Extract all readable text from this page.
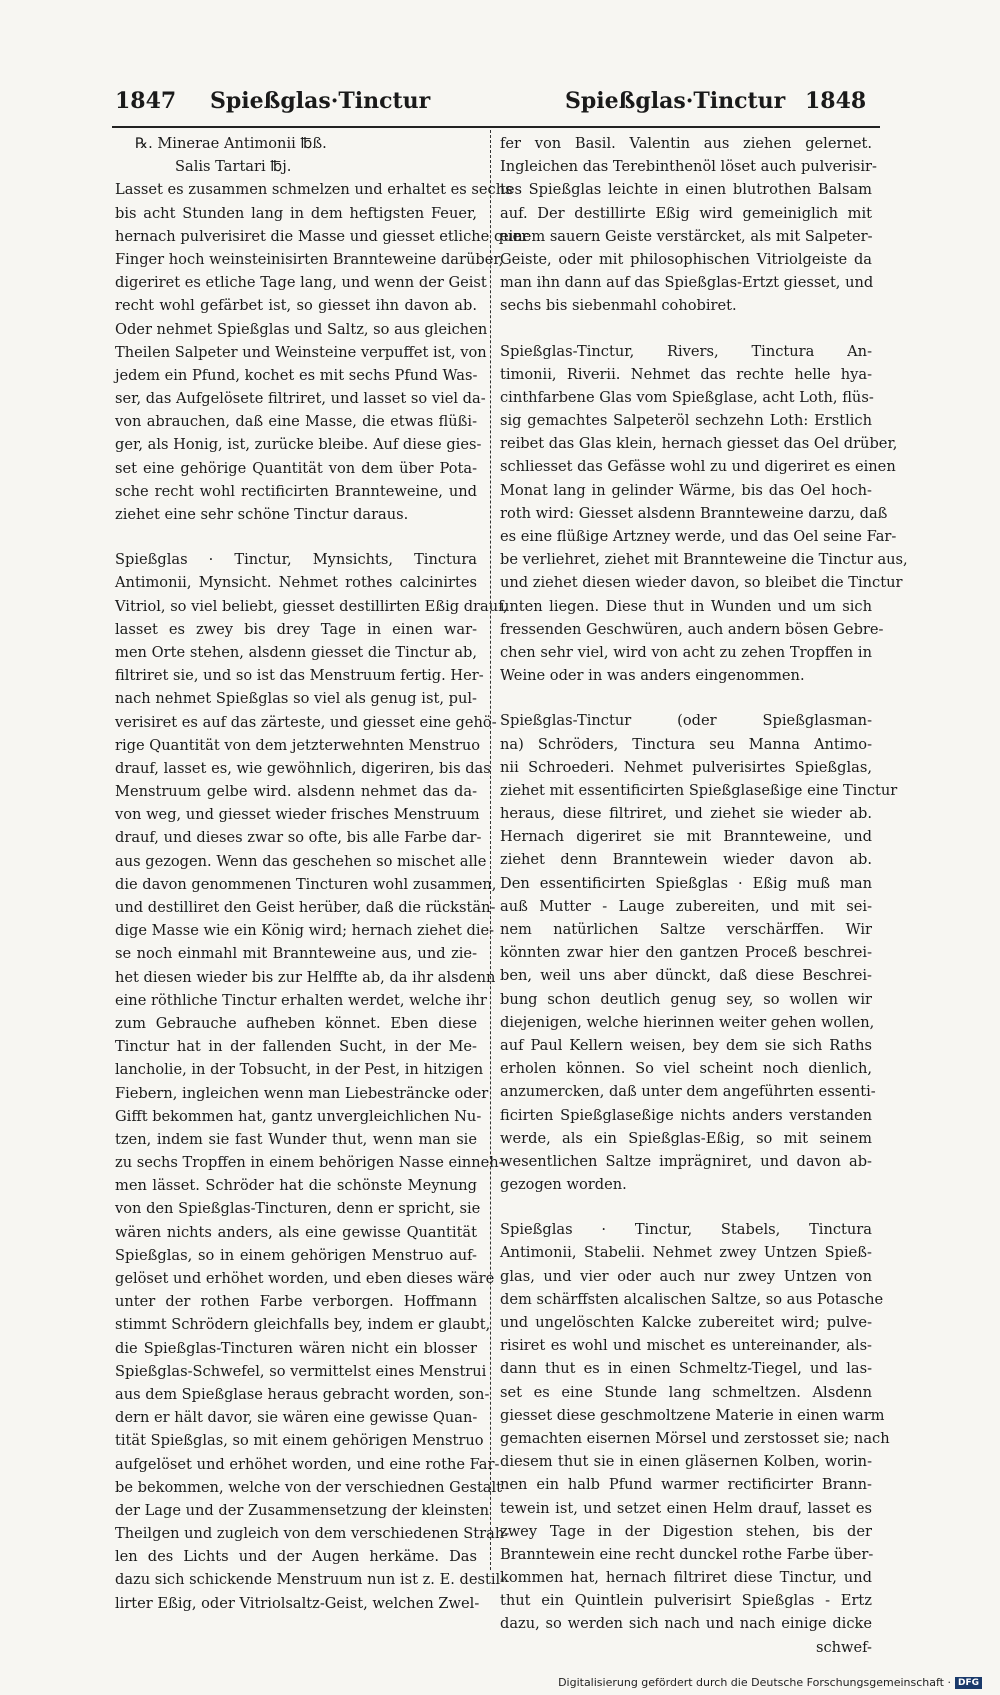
1847 Spießglas·Tinctur	Spießglas·Tinctur 1848
℞. Minerae Antimonii ℔ß.
Salis Tartari ℔j.
Lasset es zusammen schmelzen und erhaltet es sechs
bis acht Stunden lang in dem heftigsten Feuer,
hernach pulverisiret die Masse und giesset etliche quer
Finger hoch weinsteinisirten Brannteweine darüber,
digeriret es etliche Tage lang, und wenn der Geist
recht wohl gefärbet ist, so giesset ihn davon ab.
Oder nehmet Spießglas und Saltz, so aus gleichen
Theilen Salpeter und Weinsteine verpuffet ist, von
jedem ein Pfund, kochet es mit sechs Pfund Was-
ser, das Aufgelösete filtriret, und lasset so viel da-
von abrauchen, daß eine Masse, die etwas flüßi-
ger, als Honig, ist, zurücke bleibe. Auf diese gies-
set eine gehörige Quantität von dem über Pota-
sche recht wohl rectificirten Brannteweine, und
ziehet eine sehr schöne Tinctur daraus.
Spießglas · Tinctur, Mynsichts, Tinctura
Antimonii, Mynsicht. Nehmet rothes calcinirtes
Vitriol, so viel beliebt, giesset destillirten Eßig drauf,
lasset es zwey bis drey Tage in einen war-
men Orte stehen, alsdenn giesset die Tinctur ab,
filtriret sie, und so ist das Menstruum fertig. Her-
nach nehmet Spießglas so viel als genug ist, pul-
verisiret es auf das zärteste, und giesset eine gehö-
rige Quantität von dem jetzterwehnten Menstruo
drauf, lasset es, wie gewöhnlich, digeriren, bis das
Menstruum gelbe wird. alsdenn nehmet das da-
von weg, und giesset wieder frisches Menstruum
drauf, und dieses zwar so ofte, bis alle Farbe dar-
aus gezogen. Wenn das geschehen so mischet alle
die davon genommenen Tincturen wohl zusammen,
und destilliret den Geist herüber, daß die rückstän-
dige Masse wie ein König wird; hernach ziehet die-
se noch einmahl mit Brannteweine aus, und zie-
het diesen wieder bis zur Helffte ab, da ihr alsdenn
eine röthliche Tinctur erhalten werdet, welche ihr
zum Gebrauche aufheben könnet. Eben diese
Tinctur hat in der fallenden Sucht, in der Me-
lancholie, in der Tobsucht, in der Pest, in hitzigen
Fiebern, ingleichen wenn man Liebesträncke oder
Gifft bekommen hat, gantz unvergleichlichen Nu-
tzen, indem sie fast Wunder thut, wenn man sie
zu sechs Tropffen in einem behörigen Nasse einneh-
men lässet. Schröder hat die schönste Meynung
von den Spießglas-Tincturen, denn er spricht, sie
wären nichts anders, als eine gewisse Quantität
Spießglas, so in einem gehörigen Menstruo auf-
gelöset und erhöhet worden, und eben dieses wäre
unter der rothen Farbe verborgen. Hoffmann
stimmt Schrödern gleichfalls bey, indem er glaubt,
die Spießglas-Tincturen wären nicht ein blosser
Spießglas-Schwefel, so vermittelst eines Menstrui
aus dem Spießglase heraus gebracht worden, son-
dern er hält davor, sie wären eine gewisse Quan-
tität Spießglas, so mit einem gehörigen Menstruo
aufgelöset und erhöhet worden, und eine rothe Far-
be bekommen, welche von der verschiednen Gestalt
der Lage und der Zusammensetzung der kleinsten
Theilgen und zugleich von dem verschiedenen Strah-
len des Lichts und der Augen herkäme. Das
dazu sich schickende Menstruum nun ist z. E. destil-
lirter Eßig, oder Vitriolsaltz-Geist, welchen Zwel-
fer von Basil. Valentin aus ziehen gelernet.
Ingleichen das Terebinthenöl löset auch pulverisir-
tes Spießglas leichte in einen blutrothen Balsam
auf. Der destillirte Eßig wird gemeiniglich mit
einem sauern Geiste verstärcket, als mit Salpeter-
Geiste, oder mit philosophischen Vitriolgeiste da
man ihn dann auf das Spießglas-Ertzt giesset, und
sechs bis siebenmahl cohobiret.
Spießglas-Tinctur, Rivers, Tinctura An-
timonii, Riverii. Nehmet das rechte helle hya-
cinthfarbene Glas vom Spießglase, acht Loth, flüs-
sig gemachtes Salpeteröl sechzehn Loth: Erstlich
reibet das Glas klein, hernach giesset das Oel drüber,
schliesset das Gefässe wohl zu und digeriret es einen
Monat lang in gelinder Wärme, bis das Oel hoch-
roth wird: Giesset alsdenn Brannteweine darzu, daß
es eine flüßige Artzney werde, und das Oel seine Far-
be verliehret, ziehet mit Brannteweine die Tinctur aus,
und ziehet diesen wieder davon, so bleibet die Tinctur
unten liegen. Diese thut in Wunden und um sich
fressenden Geschwüren, auch andern bösen Gebre-
chen sehr viel, wird von acht zu zehen Tropffen in
Weine oder in was anders eingenommen.
Spießglas-Tinctur (oder Spießglasman-
na) Schröders, Tinctura seu Manna Antimo-
nii Schroederi. Nehmet pulverisirtes Spießglas,
ziehet mit essentificirten Spießglaseßige eine Tinctur
heraus, diese filtriret, und ziehet sie wieder ab.
Hernach digeriret sie mit Brannteweine, und
ziehet denn Branntewein wieder davon ab.
Den essentificirten Spießglas · Eßig muß man
auß Mutter - Lauge zubereiten, und mit sei-
nem natürlichen Saltze verschärffen. Wir
könnten zwar hier den gantzen Proceß beschrei-
ben, weil uns aber dünckt, daß diese Beschrei-
bung schon deutlich genug sey, so wollen wir
diejenigen, welche hierinnen weiter gehen wollen,
auf Paul Kellern weisen, bey dem sie sich Raths
erholen können. So viel scheint noch dienlich,
anzumercken, daß unter dem angeführten essenti-
ficirten Spießglaseßige nichts anders verstanden
werde, als ein Spießglas-Eßig, so mit seinem
wesentlichen Saltze imprägniret, und davon ab-
gezogen worden.
Spießglas · Tinctur, Stabels, Tinctura
Antimonii, Stabelii. Nehmet zwey Untzen Spieß-
glas, und vier oder auch nur zwey Untzen von
dem schärffsten alcalischen Saltze, so aus Potasche
und ungelöschten Kalcke zubereitet wird; pulve-
risiret es wohl und mischet es untereinander, als-
dann thut es in einen Schmeltz-Tiegel, und las-
set es eine Stunde lang schmeltzen. Alsdenn
giesset diese geschmoltzene Materie in einen warm
gemachten eisernen Mörsel und zerstosset sie; nach
diesem thut sie in einen gläsernen Kolben, worin-
nen ein halb Pfund warmer rectificirter Brann-
tewein ist, und setzet einen Helm drauf, lasset es
zwey Tage in der Digestion stehen, bis der
Branntewein eine recht dunckel rothe Farbe über-
kommen hat, hernach filtriret diese Tinctur, und
thut ein Quintlein pulverisirt Spießglas - Ertz
dazu, so werden sich nach und nach einige dicke
schwef-
Digitalisierung gefördert durch die Deutsche Forschungsgemeinschaft · DFG
